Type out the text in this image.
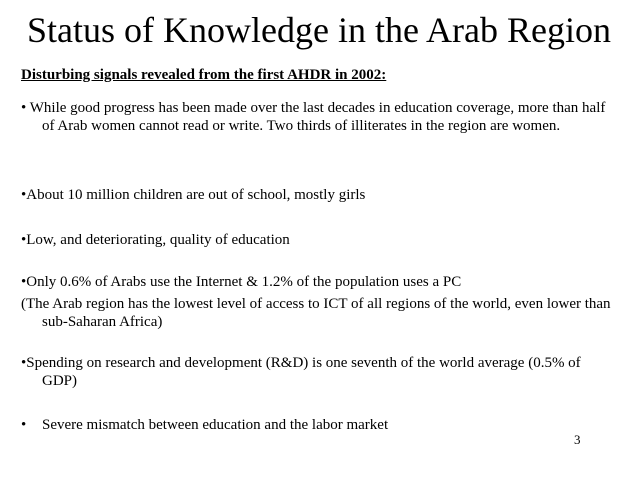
Status of Knowledge in the Arab Region
Disturbing signals revealed from the first AHDR in 2002:
• While good progress has been made over the last decades in education coverage, more than half of Arab women cannot read or write. Two thirds of illiterates in the region are women.
•About 10 million children are out of school, mostly girls
•Low, and deteriorating, quality of education
•Only 0.6% of Arabs use the Internet & 1.2% of the population uses a PC
(The Arab region has the lowest level of access to ICT of all regions of the world, even lower than sub-Saharan Africa)
•Spending on research and development (R&D) is one seventh of the world average (0.5% of GDP)
• Severe mismatch between education and the labor market
3
